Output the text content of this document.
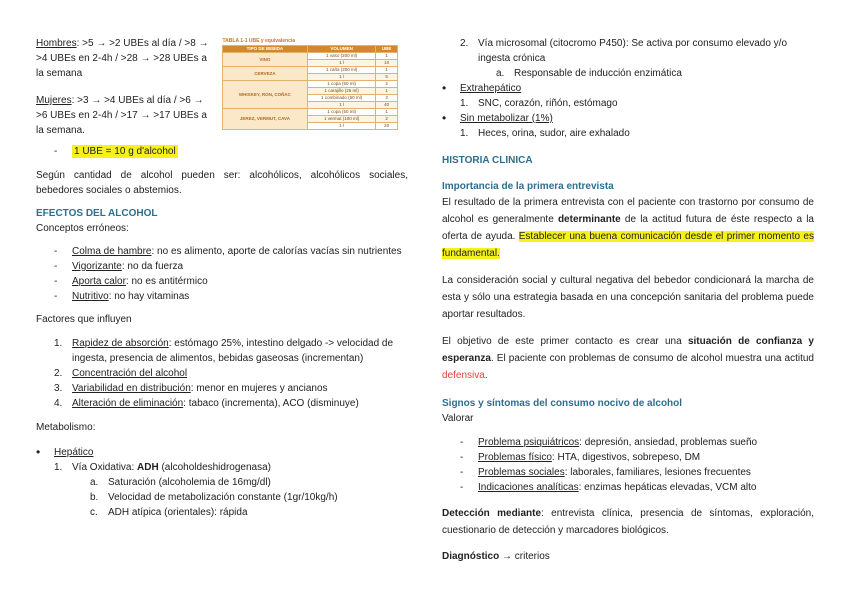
Hombres: >5 → >2 UBEs al día / >8 → >4 UBEs en 2-4h / >28 → >28 UBEs a la semana

Mujeres: >3 → >4 UBEs al día / >6 → >6 UBEs en 2-4h / >17 → >17 UBEs a la semana.

- 1 UBE = 10 g d'alcohol

Según cantidad de alcohol pueden ser: alcohólicos, alcohólicos sociales, bebedores sociales o abstemios.

EFECTOS DEL ALCOHOL

Conceptos erróneos:

- Colma de hambre: no es alimento, aporte de calorías vacías sin nutrientes

- Vigorizante: no da fuerza

- Aporta calor: no es antitérmico

- Nutritivo: no hay vitaminas

Factores que influyen

1. Rapidez de absorción: estómago 25%, intestino delgado -> velocidad de ingesta, presencia de alimentos, bebidas gaseosas (incrementan)

2. Concentración del alcohol

3. Variabilidad en distribución: menor en mujeres y ancianos

4. Alteración de eliminación: tabaco (incrementa), ACO (disminuye)

Metabolismo:

• Hepático

1. Vía Oxidativa: ADH (alcoholdeshidrogenasa)

a. Saturación (alcoholemia de 16mg/dl)

b. Velocidad de metabolización constante (1gr/10kg/h)

c. ADH atípica (orientales): rápida

TABLA 1-1 UBE y equivalencia		
TIPO DE BEBIDA	VOLUMEN	UBE
VINO	1 vaso (200 ml)	1
	1 l	10
CERVEZA	1 caña (200 ml)	1
	1 l	5
WHISKEY, RON, COÑAC	1 copa (50 ml)	2
	1 carajillo (25 ml)	1
	1 combinado (50 ml)	2
	1 l	40
JEREZ, VERMUT, CAVA	1 copa (50 ml)	1
	1 vermut (100 ml)	2
	1 l	20

2. Vía microsomal (citocromo P450): Se activa por consumo elevado y/o ingesta crónica

a. Responsable de inducción enzimática

• Extrahepático

1. SNC, corazón, riñón, estómago

• Sin metabolizar (1%)

1. Heces, orina, sudor, aire exhalado

HISTORIA CLINICA

Importancia de la primera entrevista

El resultado de la primera entrevista con el paciente con trastorno por consumo de alcohol es generalmente determinante de la actitud futura de éste respecto a la oferta de ayuda. Establecer una buena comunicación desde el primer momento es fundamental.

La consideración social y cultural negativa del bebedor condicionará la marcha de esta y sólo una estrategia basada en una concepción sanitaria del problema puede aportar resultados.

El objetivo de este primer contacto es crear una situación de confianza y esperanza. El paciente con problemas de consumo de alcohol muestra una actitud defensiva.

Signos y síntomas del consumo nocivo de alcohol

Valorar

- Problema psiquiátricos: depresión, ansiedad, problemas sueño

- Problemas físico: HTA, digestivos, sobrepeso, DM

- Problemas sociales: laborales, familiares, lesiones frecuentes

- Indicaciones analíticas: enzimas hepáticas elevadas, VCM alto

Detección mediante: entrevista clínica, presencia de síntomas, exploración, cuestionario de detección y marcadores biológicos.

Diagnóstico → criterios
